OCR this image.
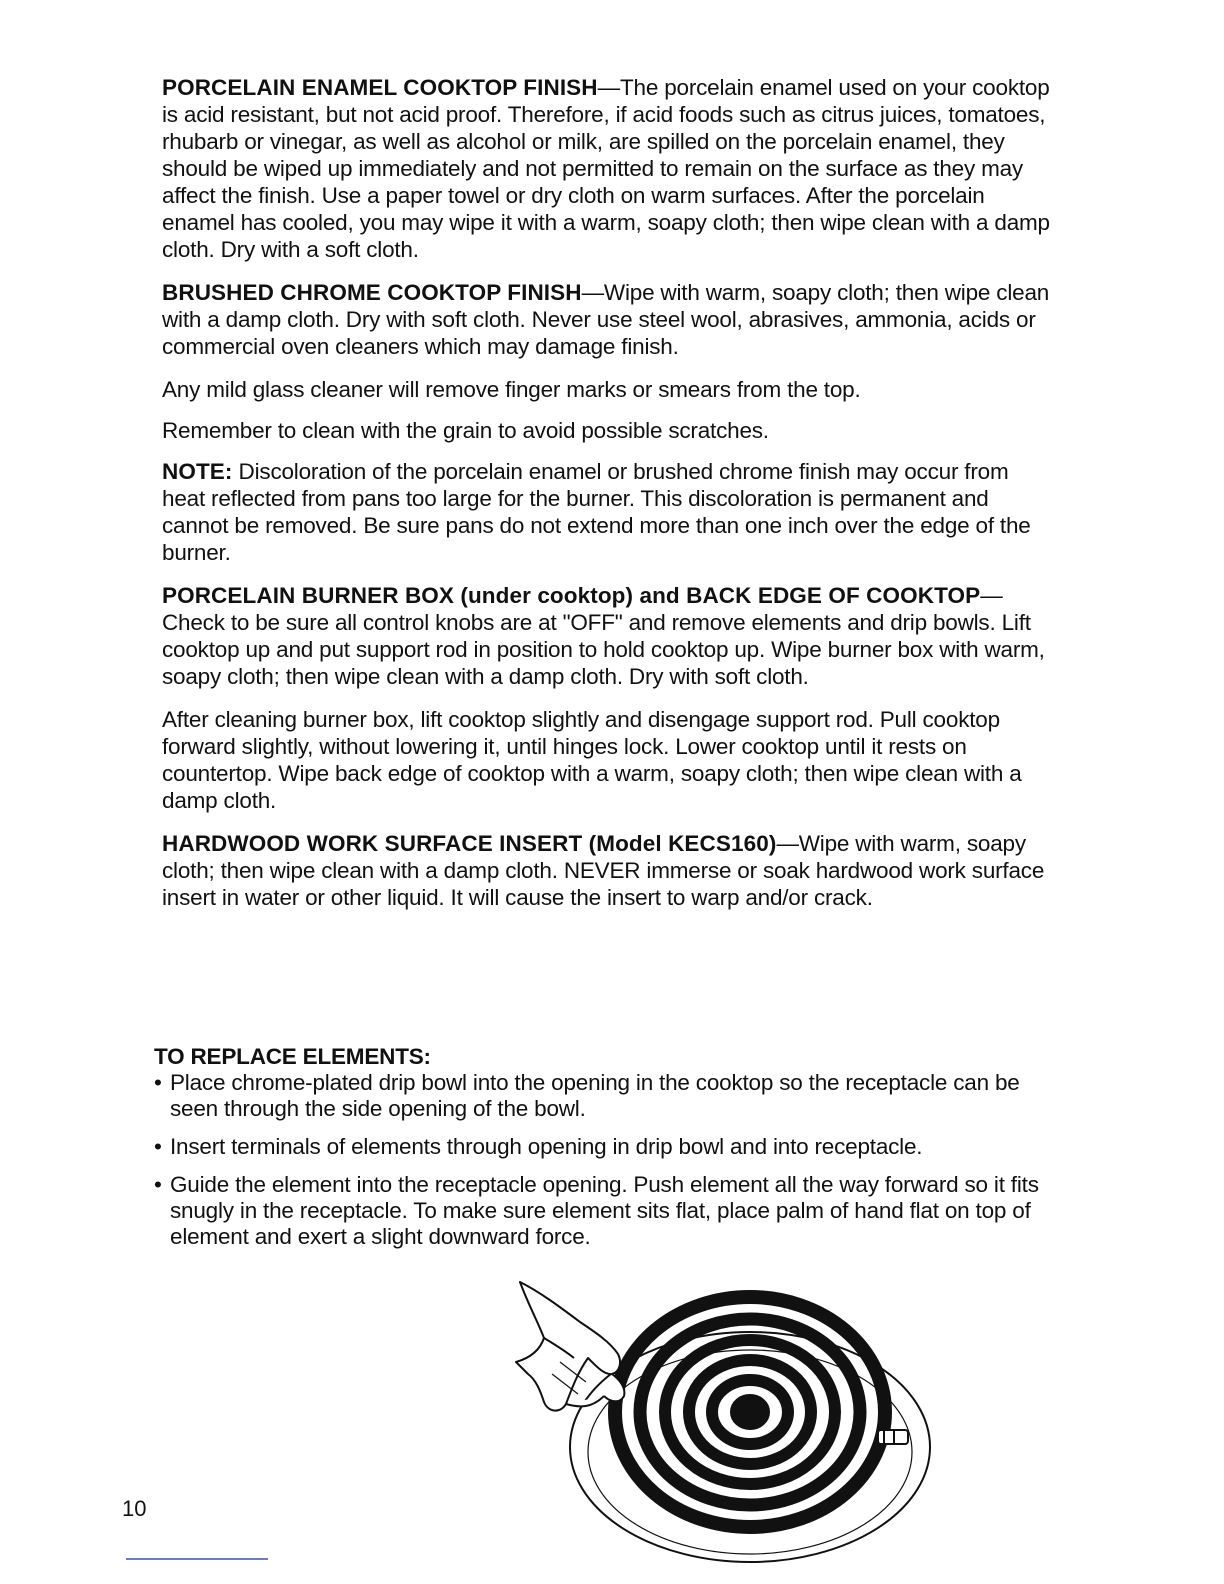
PORCELAIN ENAMEL COOKTOP FINISH—The porcelain enamel used on your cooktop is acid resistant, but not acid proof. Therefore, if acid foods such as citrus juices, tomatoes, rhubarb or vinegar, as well as alcohol or milk, are spilled on the porcelain enamel, they should be wiped up immediately and not permitted to remain on the surface as they may affect the finish. Use a paper towel or dry cloth on warm surfaces. After the porcelain enamel has cooled, you may wipe it with a warm, soapy cloth; then wipe clean with a damp cloth. Dry with a soft cloth.

BRUSHED CHROME COOKTOP FINISH—Wipe with warm, soapy cloth; then wipe clean with a damp cloth. Dry with soft cloth. Never use steel wool, abrasives, ammonia, acids or commercial oven cleaners which may damage finish.

Any mild glass cleaner will remove finger marks or smears from the top.

Remember to clean with the grain to avoid possible scratches.

NOTE: Discoloration of the porcelain enamel or brushed chrome finish may occur from heat reflected from pans too large for the burner. This discoloration is permanent and cannot be removed. Be sure pans do not extend more than one inch over the edge of the burner.

PORCELAIN BURNER BOX (under cooktop) and BACK EDGE OF COOKTOP—Check to be sure all control knobs are at "OFF" and remove elements and drip bowls. Lift cooktop up and put support rod in position to hold cooktop up. Wipe burner box with warm, soapy cloth; then wipe clean with a damp cloth. Dry with soft cloth.

After cleaning burner box, lift cooktop slightly and disengage support rod. Pull cooktop forward slightly, without lowering it, until hinges lock. Lower cooktop until it rests on countertop. Wipe back edge of cooktop with a warm, soapy cloth; then wipe clean with a damp cloth.

HARDWOOD WORK SURFACE INSERT (Model KECS160)—Wipe with warm, soapy cloth; then wipe clean with a damp cloth. NEVER immerse or soak hardwood work surface insert in water or other liquid. It will cause the insert to warp and/or crack.

TO REPLACE ELEMENTS:
• Place chrome-plated drip bowl into the opening in the cooktop so the receptacle can be seen through the side opening of the bowl.
• Insert terminals of elements through opening in drip bowl and into receptacle.
• Guide the element into the receptacle opening. Push element all the way forward so it fits snugly in the receptacle. To make sure element sits flat, place palm of hand flat on top of element and exert a slight downward force.
10
